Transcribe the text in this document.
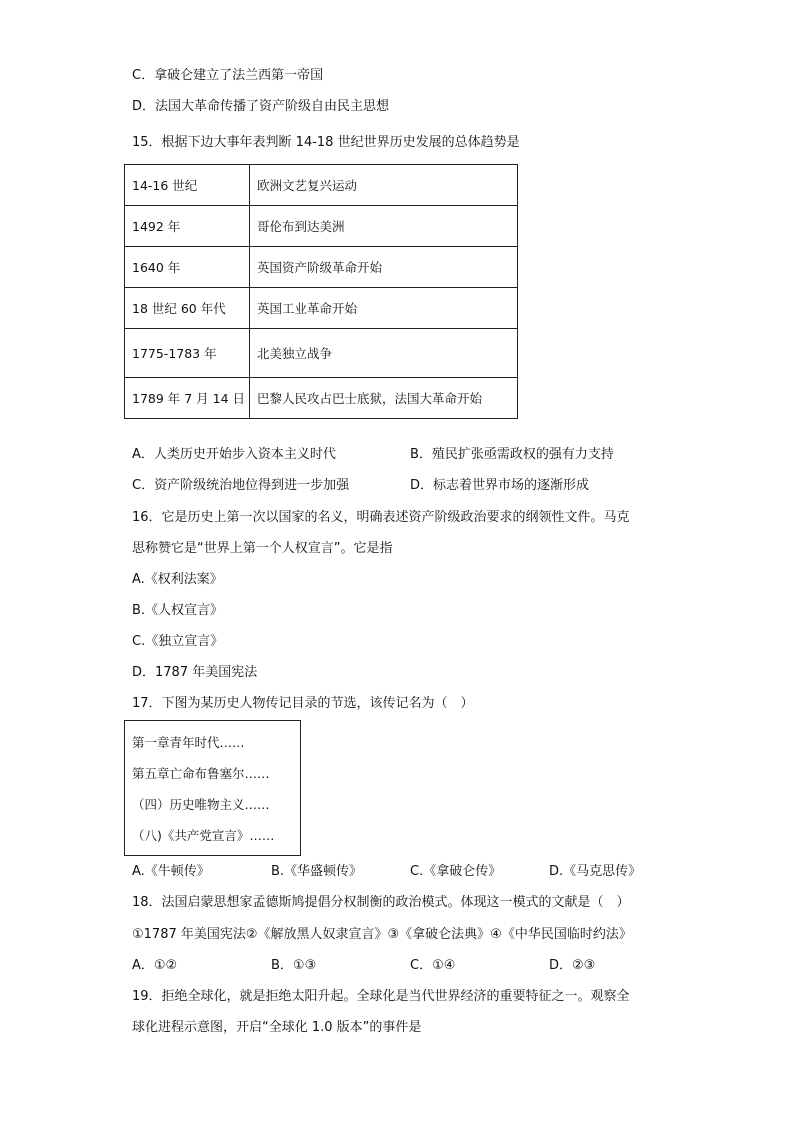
C．拿破仑建立了法兰西第一帝国
D．法国大革命传播了资产阶级自由民主思想
15．根据下边大事年表判断 14-18 世纪世界历史发展的总体趋势是
14-16 世纪	欧洲文艺复兴运动
1492 年	哥伦布到达美洲
1640 年	英国资产阶级革命开始
18 世纪 60 年代	英国工业革命开始
1775-1783 年	北美独立战争
1789 年 7 月 14 日	巴黎人民攻占巴士底狱，法国大革命开始
A．人类历史开始步入资本主义时代	B．殖民扩张亟需政权的强有力支持
C．资产阶级统治地位得到进一步加强	D．标志着世界市场的逐渐形成
16．它是历史上第一次以国家的名义，明确表述资产阶级政治要求的纲领性文件。马克
思称赞它是“世界上第一个人权宣言”。它是指
A.《权利法案》
B.《人权宣言》
C.《独立宣言》
D．1787 年美国宪法
17．下图为某历史人物传记目录的节选，该传记名为（　）
第一章青年时代……
第五章亡命布鲁塞尔……
（四）历史唯物主义……
（八)《共产党宣言》……
A.《牛顿传》	B.《华盛顿传》	C.《拿破仑传》	D.《马克思传》
18．法国启蒙思想家孟德斯鸠提倡分权制衡的政治模式。体现这一模式的文献是（　）
①1787 年美国宪法②《解放黑人奴隶宣言》③《拿破仑法典》④《中华民国临时约法》
A．①②	B．①③	C．①④	D．②③
19．拒绝全球化，就是拒绝太阳升起。全球化是当代世界经济的重要特征之一。观察全
球化进程示意图，开启“全球化 1.0 版本”的事件是
